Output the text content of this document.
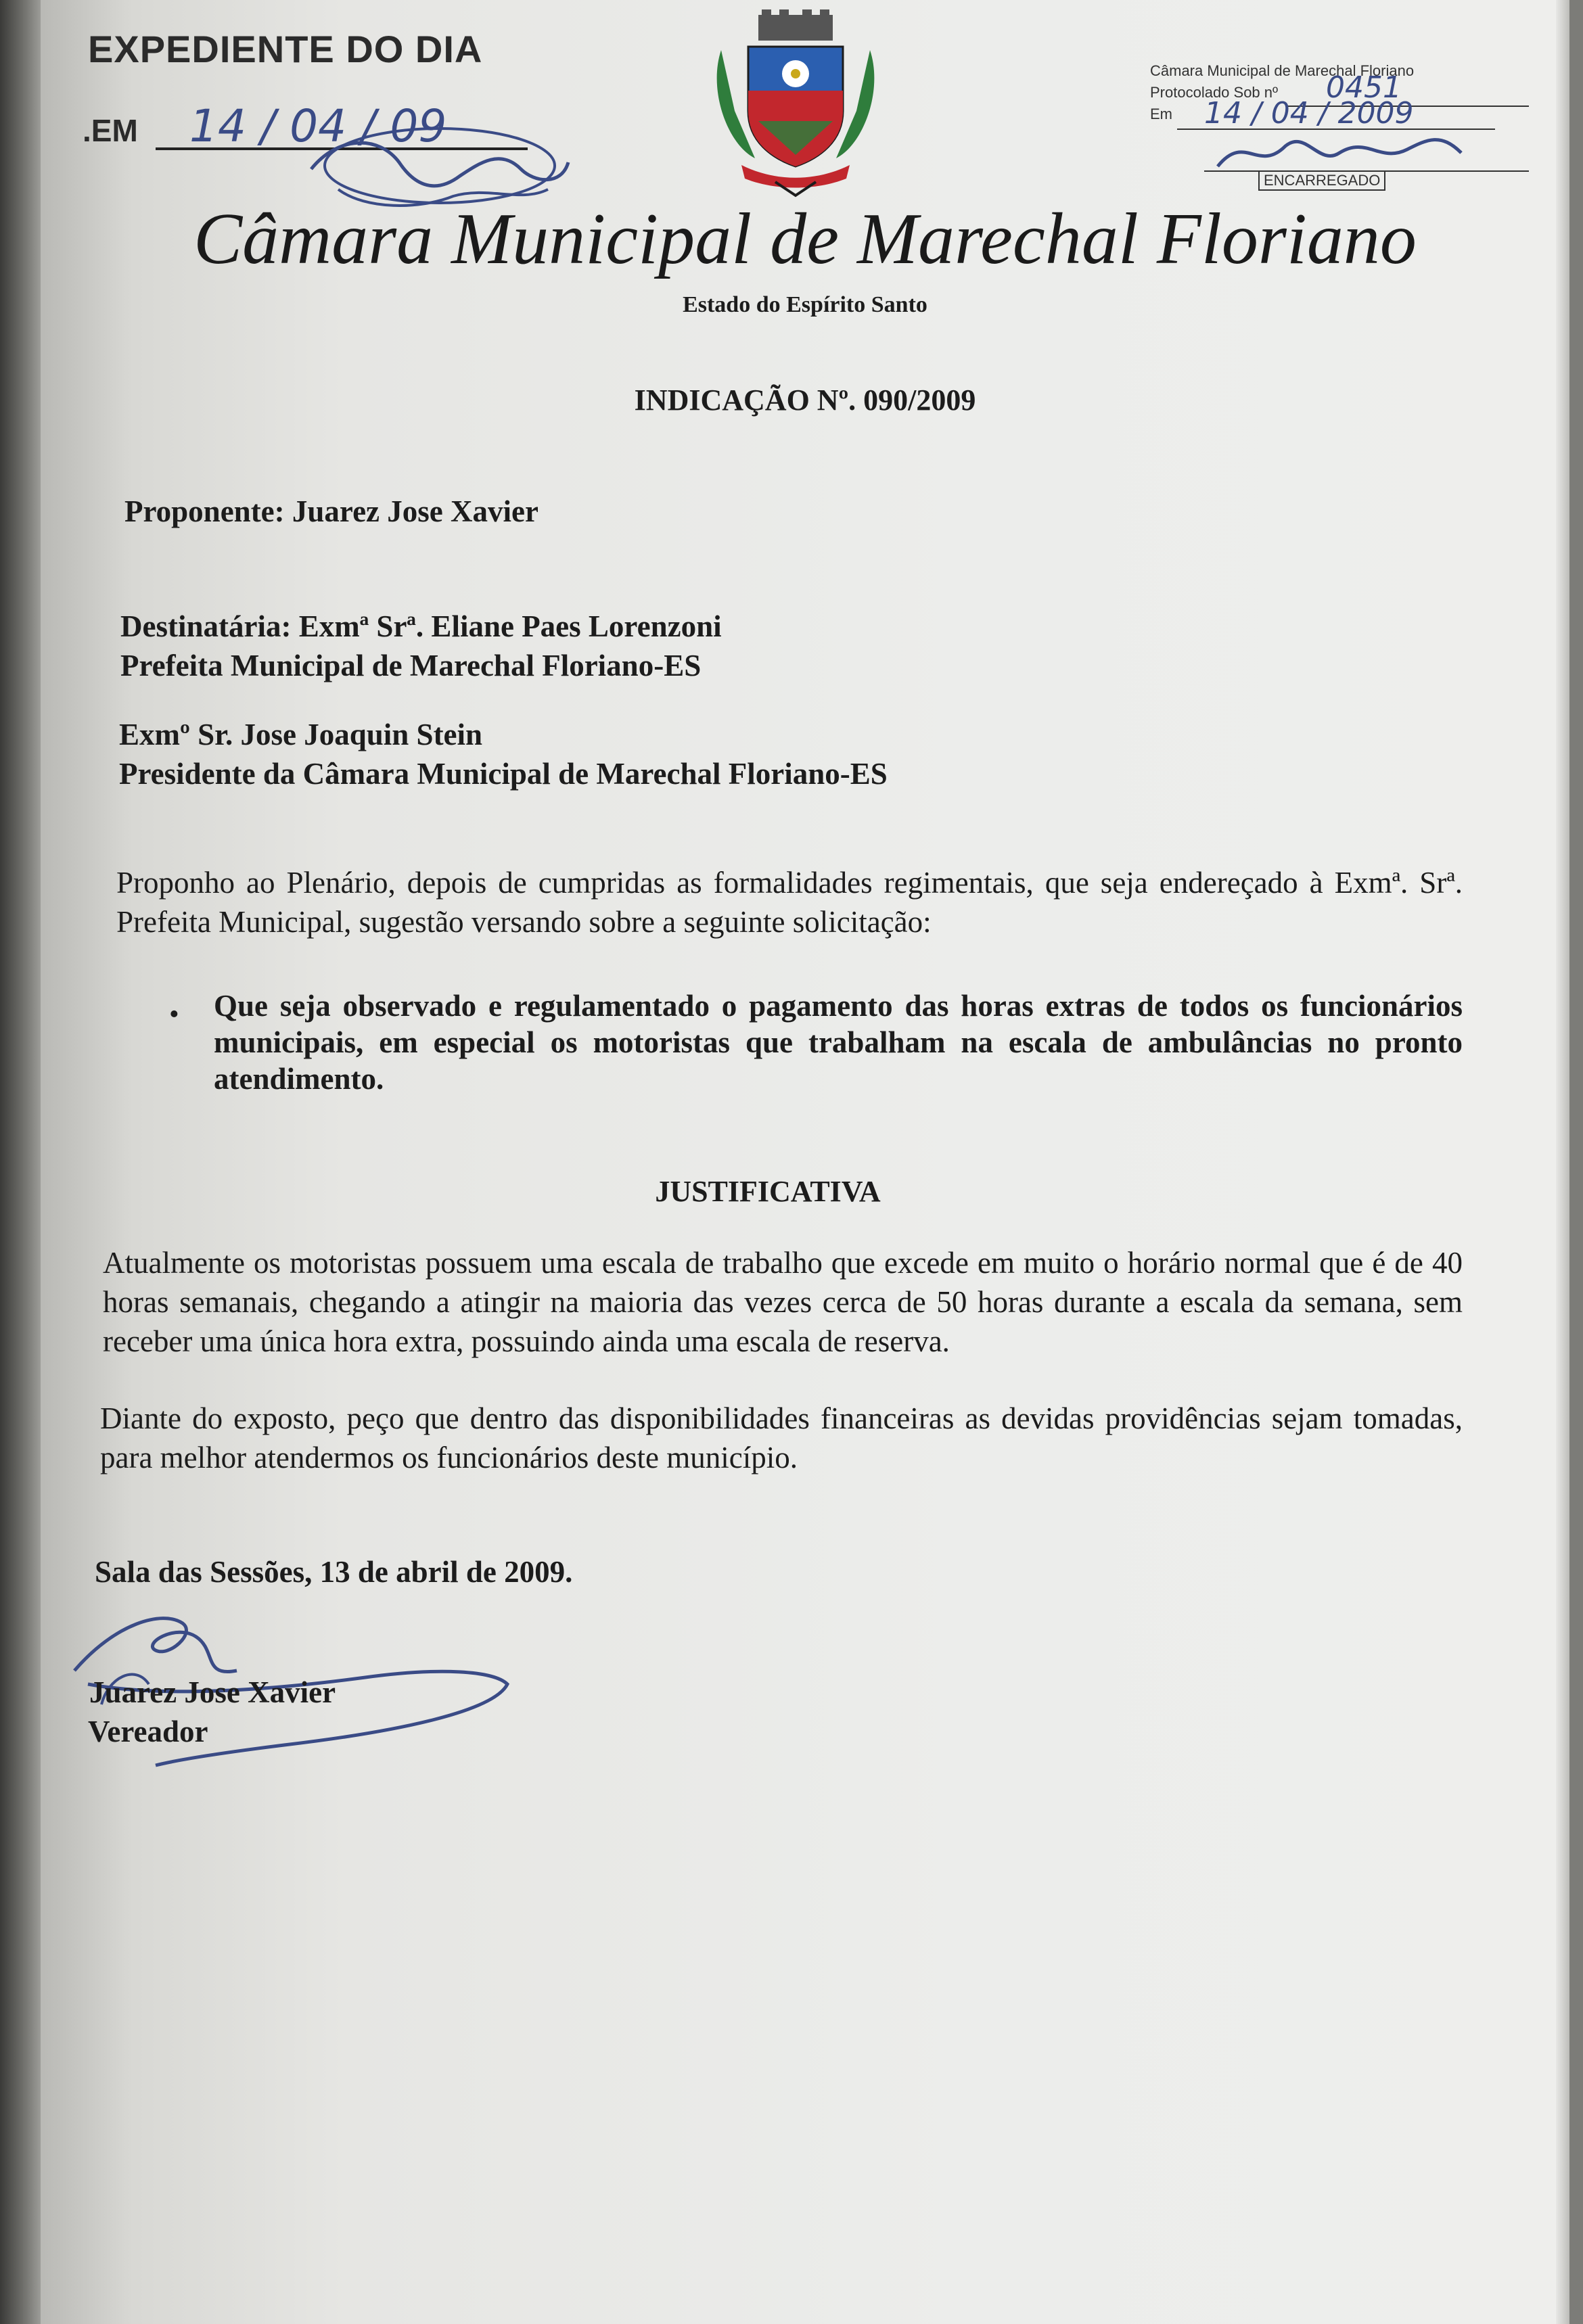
EXPEDIENTE DO DIA
.EM 14 / 04 / 09
Câmara Municipal de Marechal Floriano
Protocolado Sob nº
Em
0451
14 / 04 / 2009
ENCARREGADO
Câmara Municipal de Marechal Floriano
Estado do Espírito Santo
INDICAÇÃO Nº. 090/2009
Proponente: Juarez Jose Xavier
Destinatária: Exmª Srª. Eliane Paes Lorenzoni
Prefeita Municipal de Marechal Floriano-ES
Exmº Sr. Jose Joaquin Stein
Presidente da Câmara Municipal de Marechal Floriano-ES
Proponho ao Plenário, depois de cumpridas as formalidades regimentais, que seja endereçado à Exmª. Srª. Prefeita Municipal, sugestão versando sobre a seguinte solicitação:
• Que seja observado e regulamentado o pagamento das horas extras de todos os funcionários municipais, em especial os motoristas que trabalham na escala de ambulâncias no pronto atendimento.
JUSTIFICATIVA
Atualmente os motoristas possuem uma escala de trabalho que excede em muito o horário normal que é de 40 horas semanais, chegando a atingir na maioria das vezes cerca de 50 horas durante a escala da semana, sem receber uma única hora extra, possuindo ainda uma escala de reserva.
Diante do exposto, peço que dentro das disponibilidades financeiras as devidas providências sejam tomadas, para melhor atendermos os funcionários deste município.
Sala das Sessões, 13 de abril de 2009.
Juarez Jose Xavier
Vereador
